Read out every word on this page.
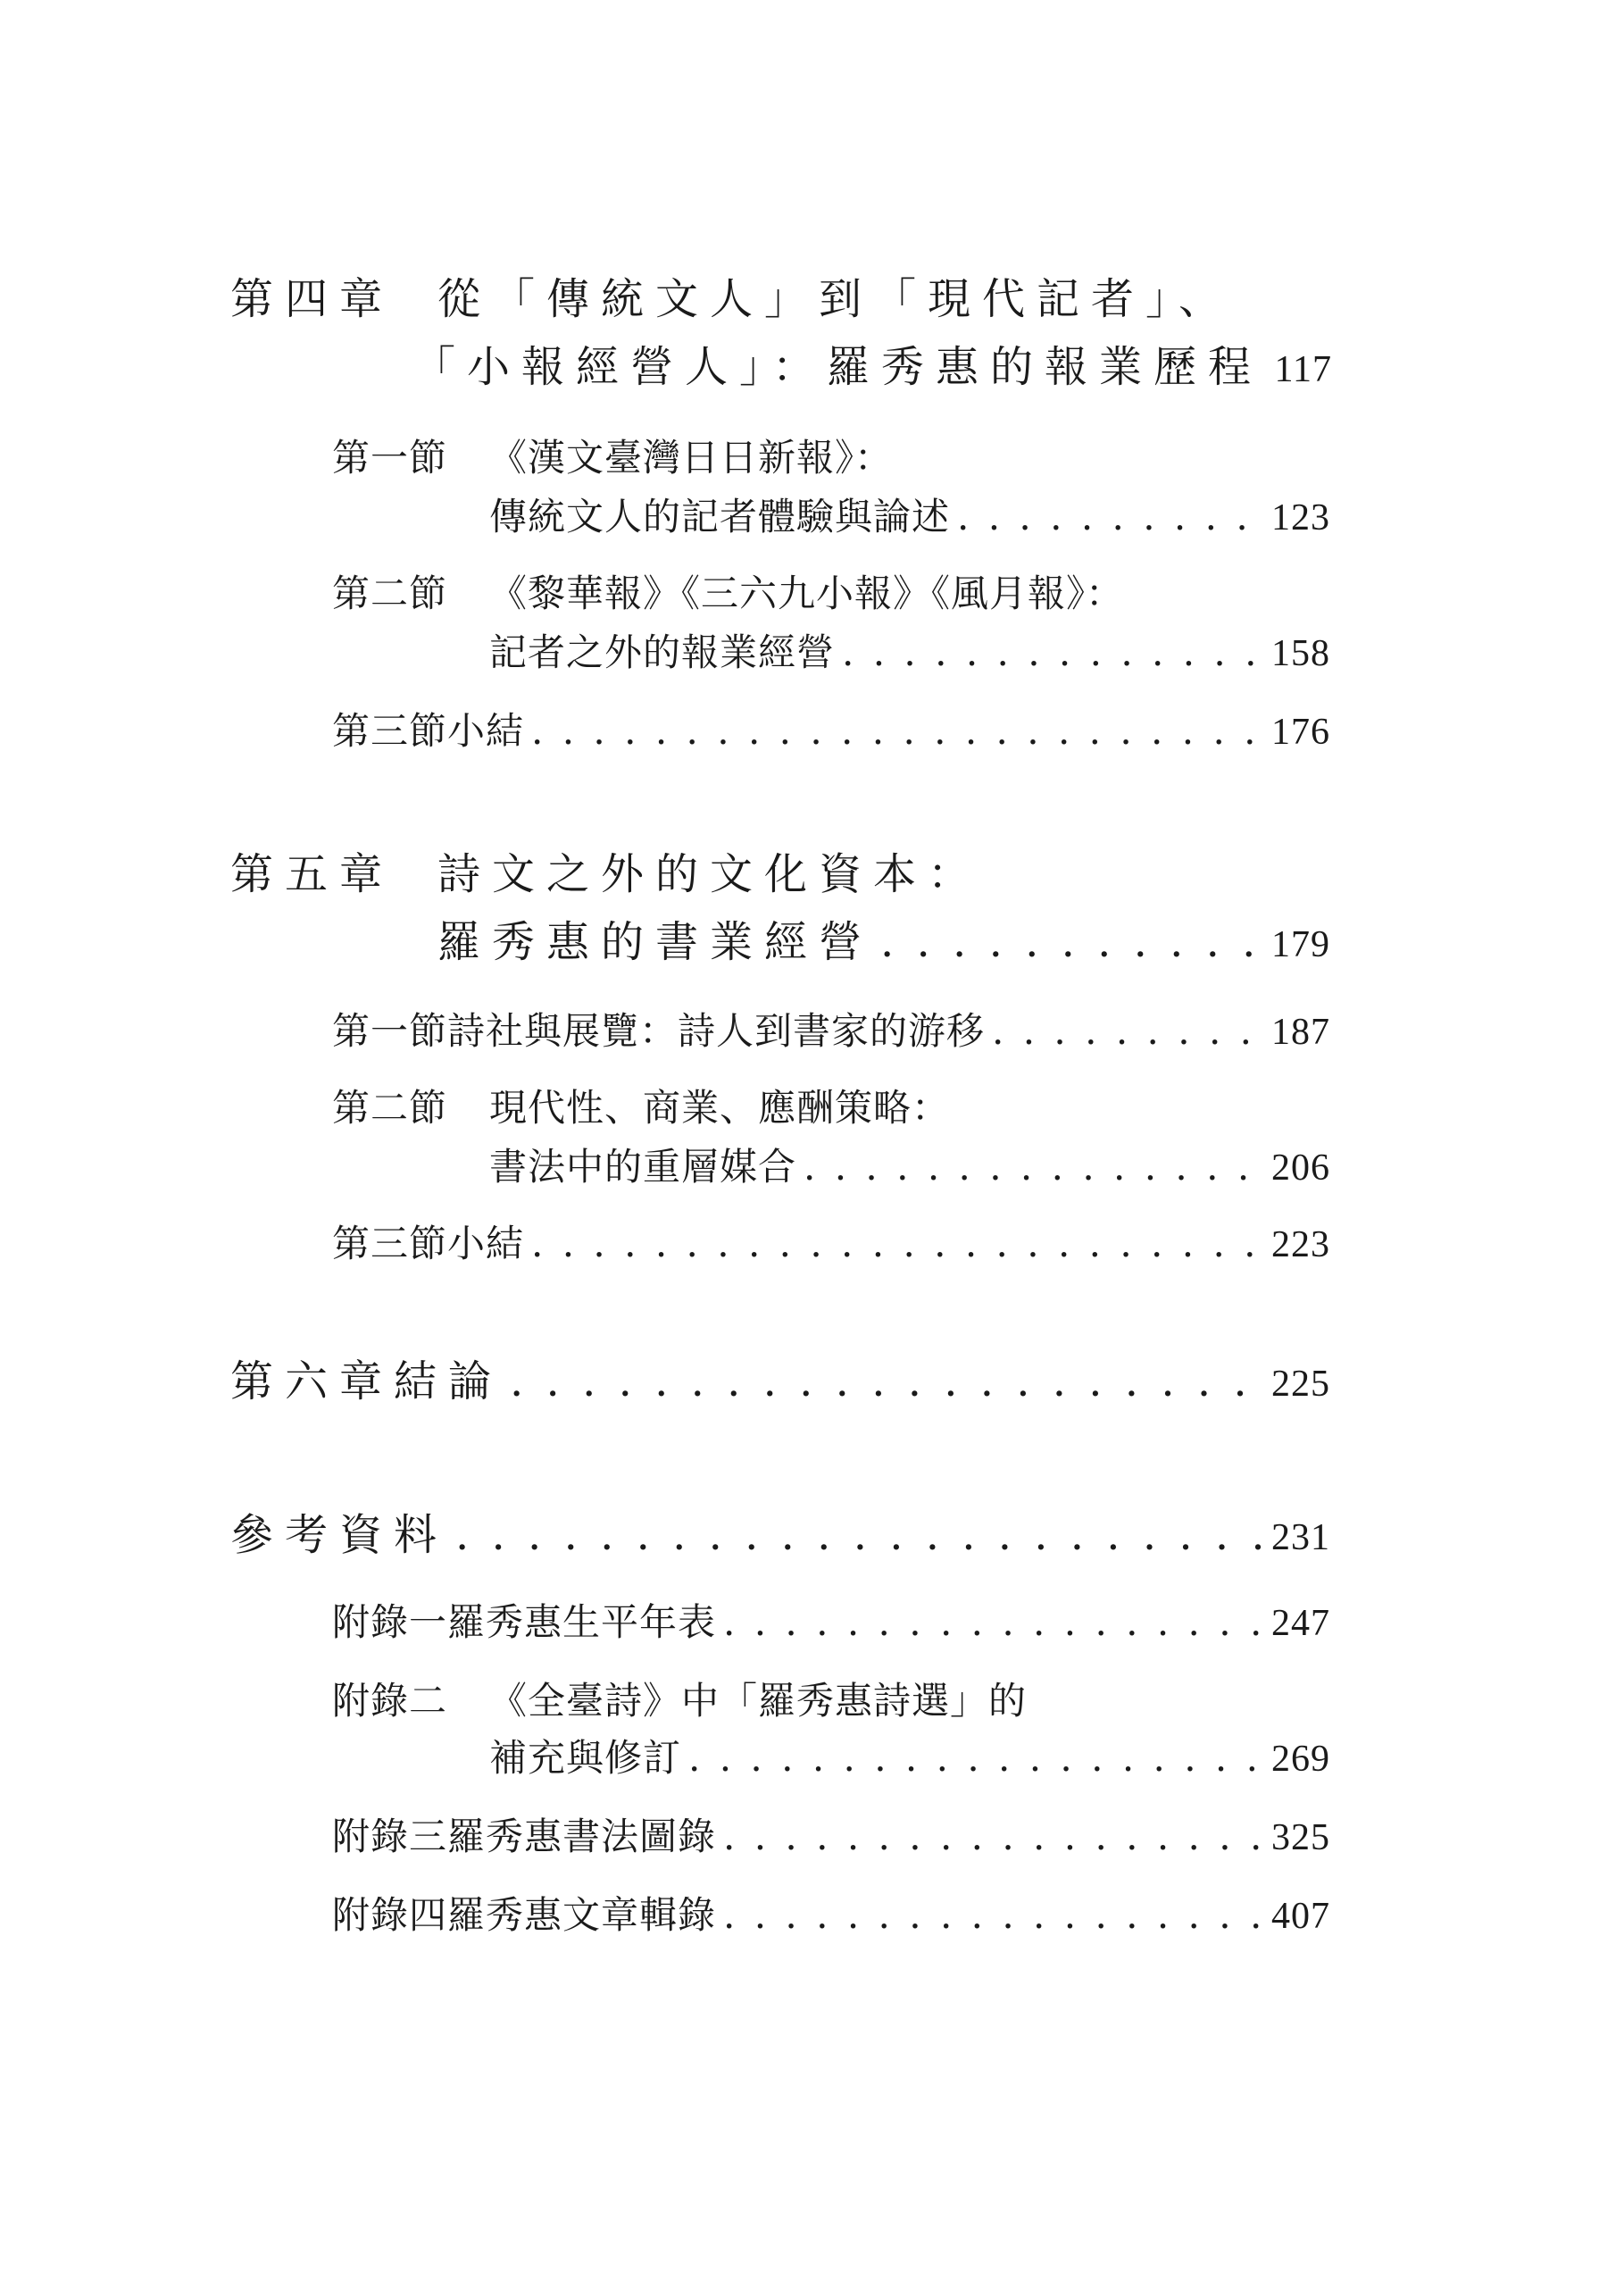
第四章	從「傳統文人」到「現代記者」、
「小報經營人」：羅秀惠的報業歷程 117
第一節	《漢文臺灣日日新報》：
傳統文人的記者體驗與論述 . . .	123
第二節	《黎華報》《三六九小報》《風月報》：
記者之外的報業經營 . . .	158
第三節 小結 . . .	176
第五章	詩文之外的文化資本：
羅秀惠的書業經營 . . .	179
第一節 詩社與展覽：詩人到書家的游移 . . .	187
第二節	現代性、商業、應酬策略：
書法中的重層媒合 . . .	206
第三節 小結 . . .	223
第六章 結論 . . .	225
參考資料 . . .	231
附錄一 羅秀惠生平年表 . . .	247
附錄二	《全臺詩》中「羅秀惠詩選」的
補充與修訂 . . .	269
附錄三 羅秀惠書法圖錄 . . .	325
附錄四 羅秀惠文章輯錄 . . .	407
